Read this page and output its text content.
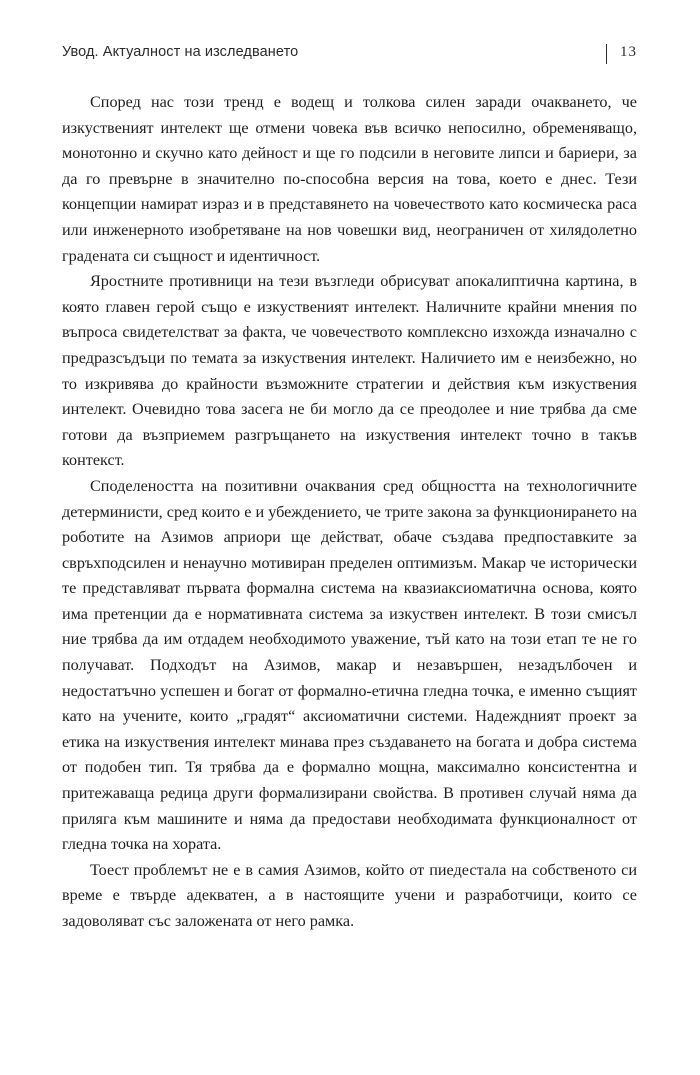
Увод. Актуалност на изследването	13

Според нас този тренд е водещ и толкова силен заради очакването, че изкуственият интелект ще отмени човека във всичко непосилно, обременяващо, монотонно и скучно като дейност и ще го подсили в неговите липси и бариери, за да го превърне в значително по-способна версия на това, което е днес. Тези концепции намират израз и в представянето на човечеството като космическа раса или инженерното изобретяване на нов човешки вид, неограничен от хилядолетно градената си същност и идентичност.

Яростните противници на тези възгледи обрисуват апокалиптична картина, в която главен герой също е изкуственият интелект. Наличните крайни мнения по въпроса свидетелстват за факта, че човечеството комплексно изхожда изначално с предразсъдъци по темата за изкуствения интелект. Наличието им е неизбежно, но то изкривява до крайности възможните стратегии и действия към изкуствения интелект. Очевидно това засега не би могло да се преодолее и ние трябва да сме готови да възприемем разгръщането на изкуствения интелект точно в такъв контекст.

Споделеността на позитивни очаквания сред общността на технологичните детерминисти, сред които е и убеждението, че трите закона за функционирането на роботите на Азимов априори ще действат, обаче създава предпоставките за свръхподсилен и ненаучно мотивиран пределен оптимизъм. Макар че исторически те представляват първата формална система на квазиаксиоматична основа, която има претенции да е нормативната система за изкуствен интелект. В този смисъл ние трябва да им отдадем необходимото уважение, тъй като на този етап те не го получават. Подходът на Азимов, макар и незавършен, незадълбочен и недостатъчно успешен и богат от формално-етична гледна точка, е именно същият като на учените, които „градят“ аксиоматични системи. Надеждният проект за етика на изкуствения интелект минава през създаването на богата и добра система от подобен тип. Тя трябва да е формално мощна, максимално консистентна и притежаваща редица други формализирани свойства. В противен случай няма да приляга към машините и няма да предостави необходимата функционалност от гледна точка на хората.

Тоест проблемът не е в самия Азимов, който от пиедестала на собственото си време е твърде адекватен, а в настоящите учени и разработчици, които се задоволяват със заложената от него рамка.
